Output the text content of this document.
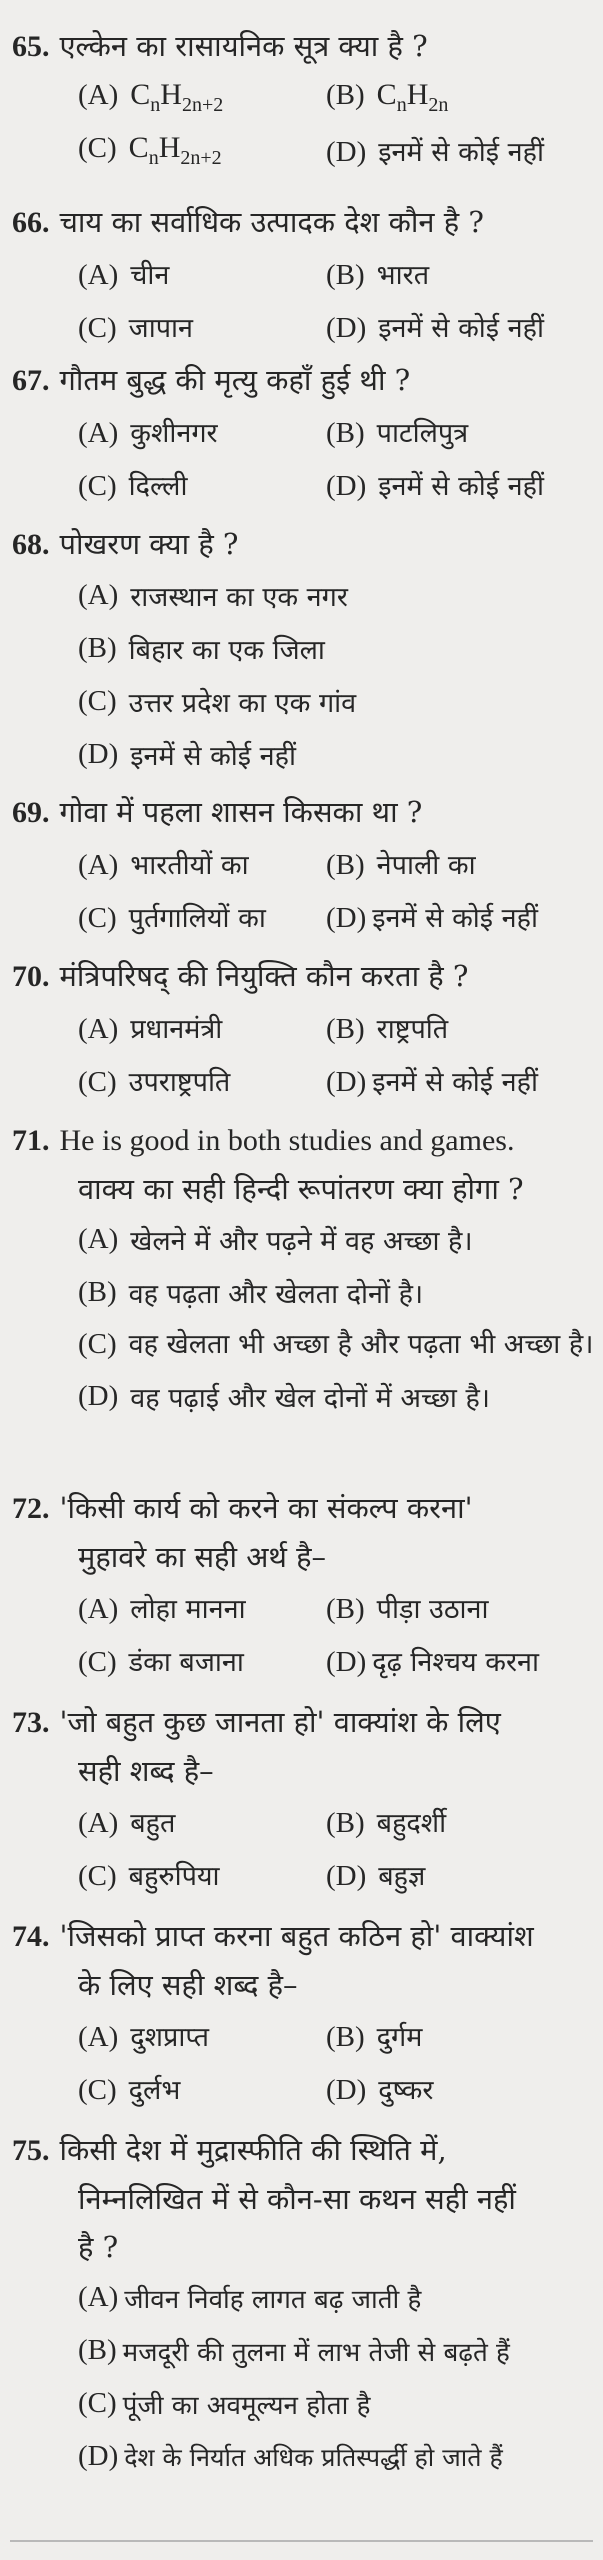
65. एल्केन का रासायनिक सूत्र क्या है ?
(A) $C_nH_{2n+2}$	(B) $C_nH_{2n}$
(C) $C_nH_{2n+2}$	(D) इनमें से कोई नहीं
66. चाय का सर्वाधिक उत्पादक देश कौन है ?
(A) चीन	(B) भारत
(C) जापान	(D) इनमें से कोई नहीं
67. गौतम बुद्ध की मृत्यु कहाँ हुई थी ?
(A) कुशीनगर	(B) पाटलिपुत्र
(C) दिल्ली	(D) इनमें से कोई नहीं
68. पोखरण क्या है ?
(A) राजस्थान का एक नगर
(B) बिहार का एक जिला
(C) उत्तर प्रदेश का एक गांव
(D) इनमें से कोई नहीं
69. गोवा में पहला शासन किसका था ?
(A) भारतीयों का	(B) नेपाली का
(C) पुर्तगालियों का (D) इनमें से कोई नहीं
70. मंत्रिपरिषद् की नियुक्ति कौन करता है ?
(A) प्रधानमंत्री	(B) राष्ट्रपति
(C) उपराष्ट्रपति	(D) इनमें से कोई नहीं
71. He is good in both studies and games.
वाक्य का सही हिन्दी रूपांतरण क्या होगा ?
(A) खेलने में और पढ़ने में वह अच्छा है।
(B) वह पढ़ता और खेलता दोनों है।
(C) वह खेलता भी अच्छा है और पढ़ता भी अच्छा है।
(D) वह पढ़ाई और खेल दोनों में अच्छा है।
72. 'किसी कार्य को करने का संकल्प करना'
मुहावरे का सही अर्थ है–
(A) लोहा मानना	(B) पीड़ा उठाना
(C) डंका बजाना	(D) दृढ़ निश्चय करना
73. 'जो बहुत कुछ जानता हो' वाक्यांश के लिए
सही शब्द है–
(A) बहुत	(B) बहुदर्शी
(C) बहुरुपिया	(D) बहुज्ञ
74. 'जिसको प्राप्त करना बहुत कठिन हो' वाक्यांश
के लिए सही शब्द है–
(A) दुशप्राप्त	(B) दुर्गम
(C) दुर्लभ	(D) दुष्कर
75. किसी देश में मुद्रास्फीति की स्थिति में,
निम्नलिखित में से कौन-सा कथन सही नहीं
है ?
(A) जीवन निर्वाह लागत बढ़ जाती है
(B) मजदूरी की तुलना में लाभ तेजी से बढ़ते हैं
(C) पूंजी का अवमूल्यन होता है
(D) देश के निर्यात अधिक प्रतिस्पर्द्धी हो जाते हैं
